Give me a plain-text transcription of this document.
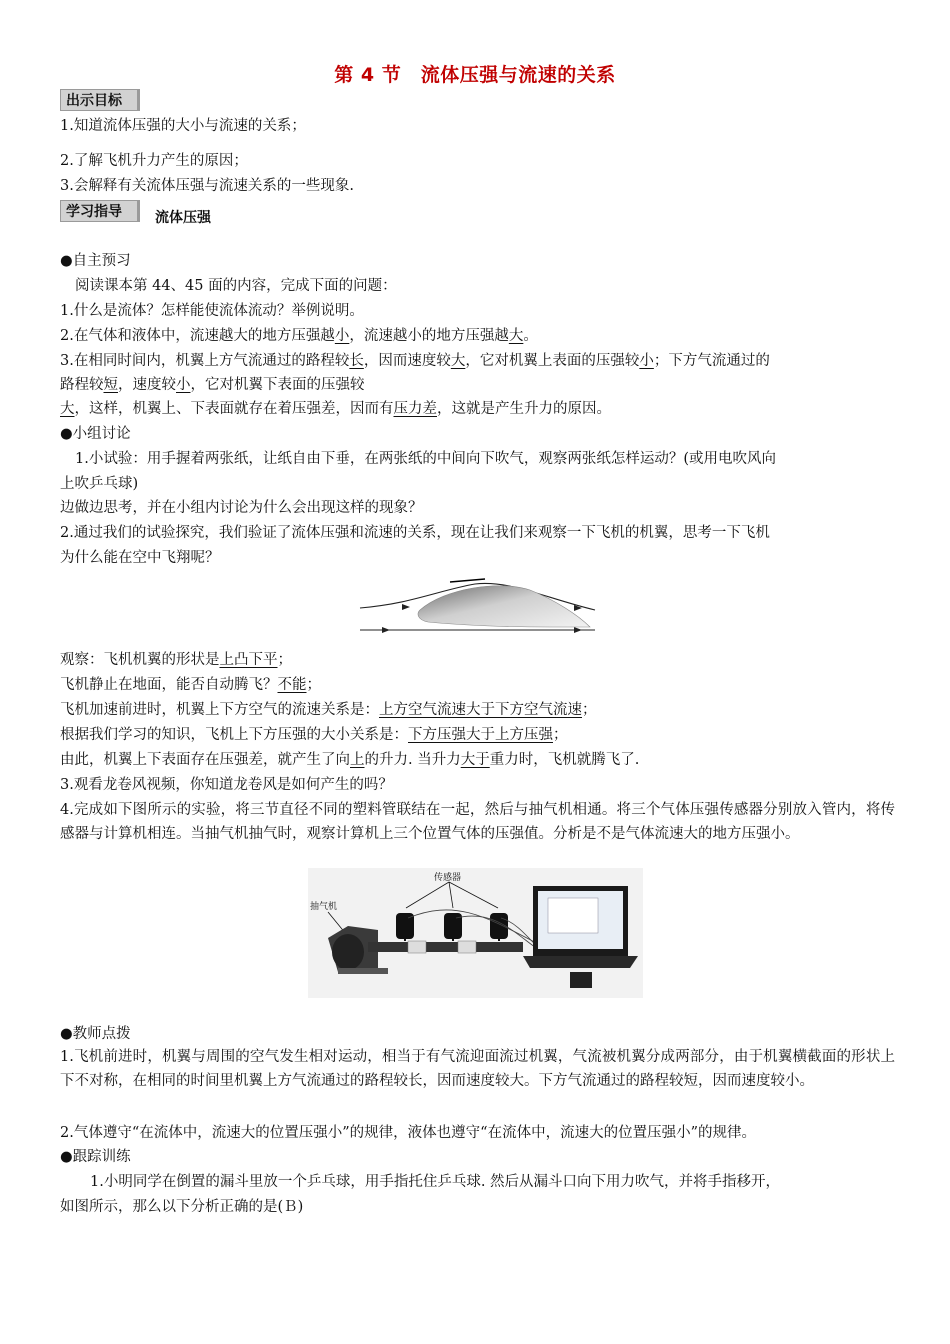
第 4 节　流体压强与流速的关系
出示目标
1.知道流体压强的大小与流速的关系；
2.了解飞机升力产生的原因；
3.会解释有关流体压强与流速关系的一些现象.
学习指导	流体压强
●自主预习
阅读课本第 44、45 面的内容，完成下面的问题：
1.什么是流体？怎样能使流体流动？举例说明。
2.在气体和液体中，流速越大的地方压强越小，流速越小的地方压强越大。
3.在相同时间内，机翼上方气流通过的路程较长，因而速度较大，它对机翼上表面的压强较小；下方气流通过的
路程较短，速度较小，它对机翼下表面的压强较
大，这样，机翼上、下表面就存在着压强差，因而有压力差，这就是产生升力的原因。
●小组讨论
1.小试验：用手握着两张纸，让纸自由下垂，在两张纸的中间向下吹气，观察两张纸怎样运动？(或用电吹风向
上吹乒乓球)
边做边思考，并在小组内讨论为什么会出现这样的现象？
2.通过我们的试验探究，我们验证了流体压强和流速的关系，现在让我们来观察一下飞机的机翼，思考一下飞机
为什么能在空中飞翔呢？
观察：飞机机翼的形状是上凸下平；
飞机静止在地面，能否自动腾飞？不能；
飞机加速前进时，机翼上下方空气的流速关系是：上方空气流速大于下方空气流速；
根据我们学习的知识，飞机上下方压强的大小关系是：下方压强大于上方压强；
由此，机翼上下表面存在压强差，就产生了向上的升力. 当升力大于重力时，飞机就腾飞了.
3.观看龙卷风视频，你知道龙卷风是如何产生的吗？
4.完成如下图所示的实验，将三节直径不同的塑料管联结在一起，然后与抽气机相通。将三个气体压强传感器分别放入管内，将传感器与计算机相连。当抽气机抽气时，观察计算机上三个位置气体的压强值。分析是不是气体流速大的地方压强小。
传感器
抽气机
●教师点拨
1.飞机前进时，机翼与周围的空气发生相对运动，相当于有气流迎面流过机翼，气流被机翼分成两部分，由于机翼横截面的形状上下不对称，在相同的时间里机翼上方气流通过的路程较长，因而速度较大。下方气流通过的路程较短，因而速度较小。
2.气体遵守“在流体中，流速大的位置压强小”的规律，液体也遵守“在流体中，流速大的位置压强小”的规律。
●跟踪训练
1.小明同学在倒置的漏斗里放一个乒乓球，用手指托住乒乓球. 然后从漏斗口向下用力吹气，并将手指移开，
如图所示，那么以下分析正确的是(Ｂ)
